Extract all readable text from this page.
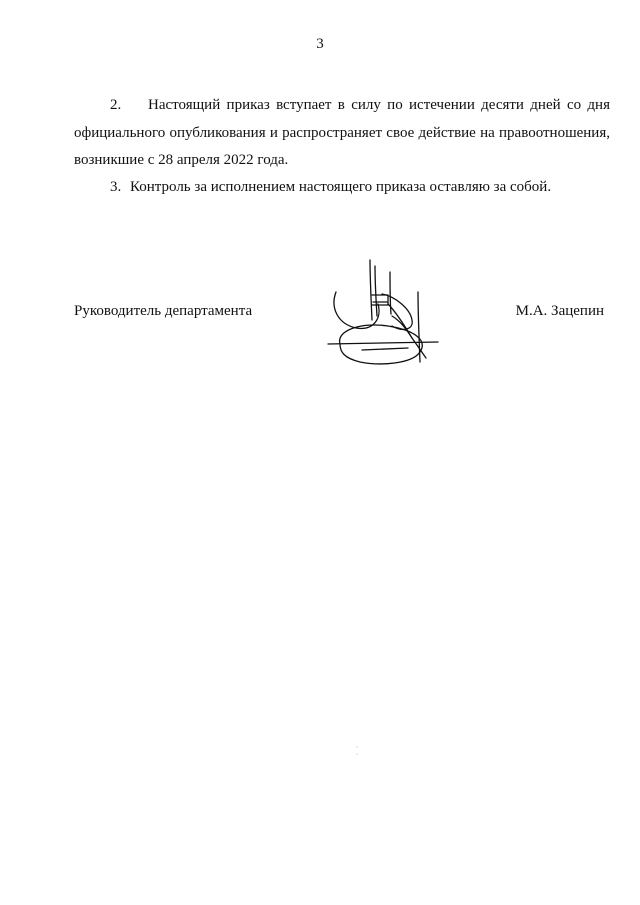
3
2. Настоящий приказ вступает в силу по истечении десяти дней со дня
официального опубликования и распространяет свое действие на правоотношения, возникшие с 28 апреля 2022 года.
3. Контроль за исполнением настоящего приказа оставляю за собой.
Руководитель департамента	М.А. Зацепин
